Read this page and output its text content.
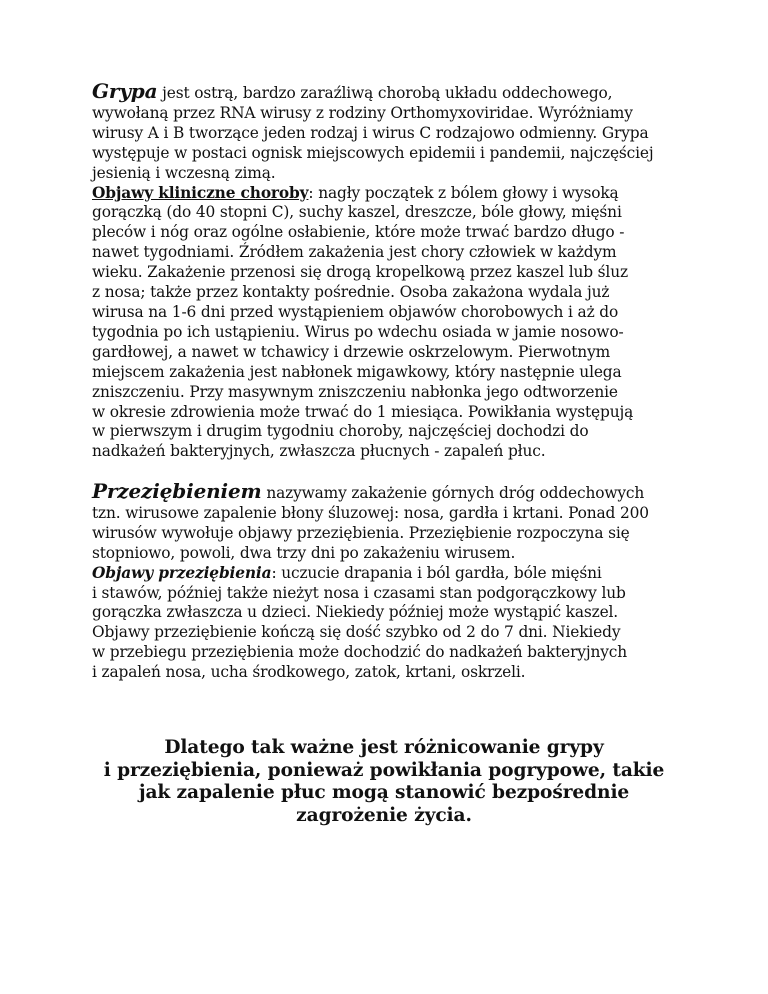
Grypa jest ostrą, bardzo zaraźliwą chorobą układu oddechowego,
wywołaną przez RNA wirusy z rodziny Orthomyxoviridae. Wyróżniamy
wirusy A i B tworzące jeden rodzaj i wirus C rodzajowo odmienny. Grypa
występuje w postaci ognisk miejscowych epidemii i pandemii, najczęściej
jesienią i wczesną zimą.
Objawy kliniczne choroby: nagły początek z bólem głowy i wysoką
gorączką (do 40 stopni C), suchy kaszel, dreszcze, bóle głowy, mięśni
pleców i nóg oraz ogólne osłabienie, które może trwać bardzo długo -
nawet tygodniami. Źródłem zakażenia jest chory człowiek w każdym
wieku. Zakażenie przenosi się drogą kropelkową przez kaszel lub śluz
z nosa; także przez kontakty pośrednie. Osoba zakażona wydala już
wirusa na 1-6 dni przed wystąpieniem objawów chorobowych i aż do
tygodnia po ich ustąpieniu. Wirus po wdechu osiada w jamie nosowo-
gardłowej, a nawet w tchawicy i drzewie oskrzelowym. Pierwotnym
miejscem zakażenia jest nabłonek migawkowy, który następnie ulega
zniszczeniu. Przy masywnym zniszczeniu nabłonka jego odtworzenie
w okresie zdrowienia może trwać do 1 miesiąca. Powikłania występują
w pierwszym i drugim tygodniu choroby, najczęściej dochodzi do
nadkażeń bakteryjnych, zwłaszcza płucnych - zapaleń płuc.
Przeziębieniem nazywamy zakażenie górnych dróg oddechowych
tzn. wirusowe zapalenie błony śluzowej: nosa, gardła i krtani. Ponad 200
wirusów wywołuje objawy przeziębienia. Przeziębienie rozpoczyna się
stopniowo, powoli, dwa trzy dni po zakażeniu wirusem.
Objawy przeziębienia: uczucie drapania i ból gardła, bóle mięśni
i stawów, później także nieżyt nosa i czasami stan podgorączkowy lub
gorączka zwłaszcza u dzieci. Niekiedy później może wystąpić kaszel.
Objawy przeziębienie kończą się dość szybko od 2 do 7 dni. Niekiedy
w przebiegu przeziębienia może dochodzić do nadkażeń bakteryjnych
i zapaleń nosa, ucha środkowego, zatok, krtani, oskrzeli.
Dlatego tak ważne jest różnicowanie grypy
i przeziębienia, ponieważ powikłania pogrypowe, takie
jak zapalenie płuc mogą stanowić bezpośrednie
zagrożenie życia.
